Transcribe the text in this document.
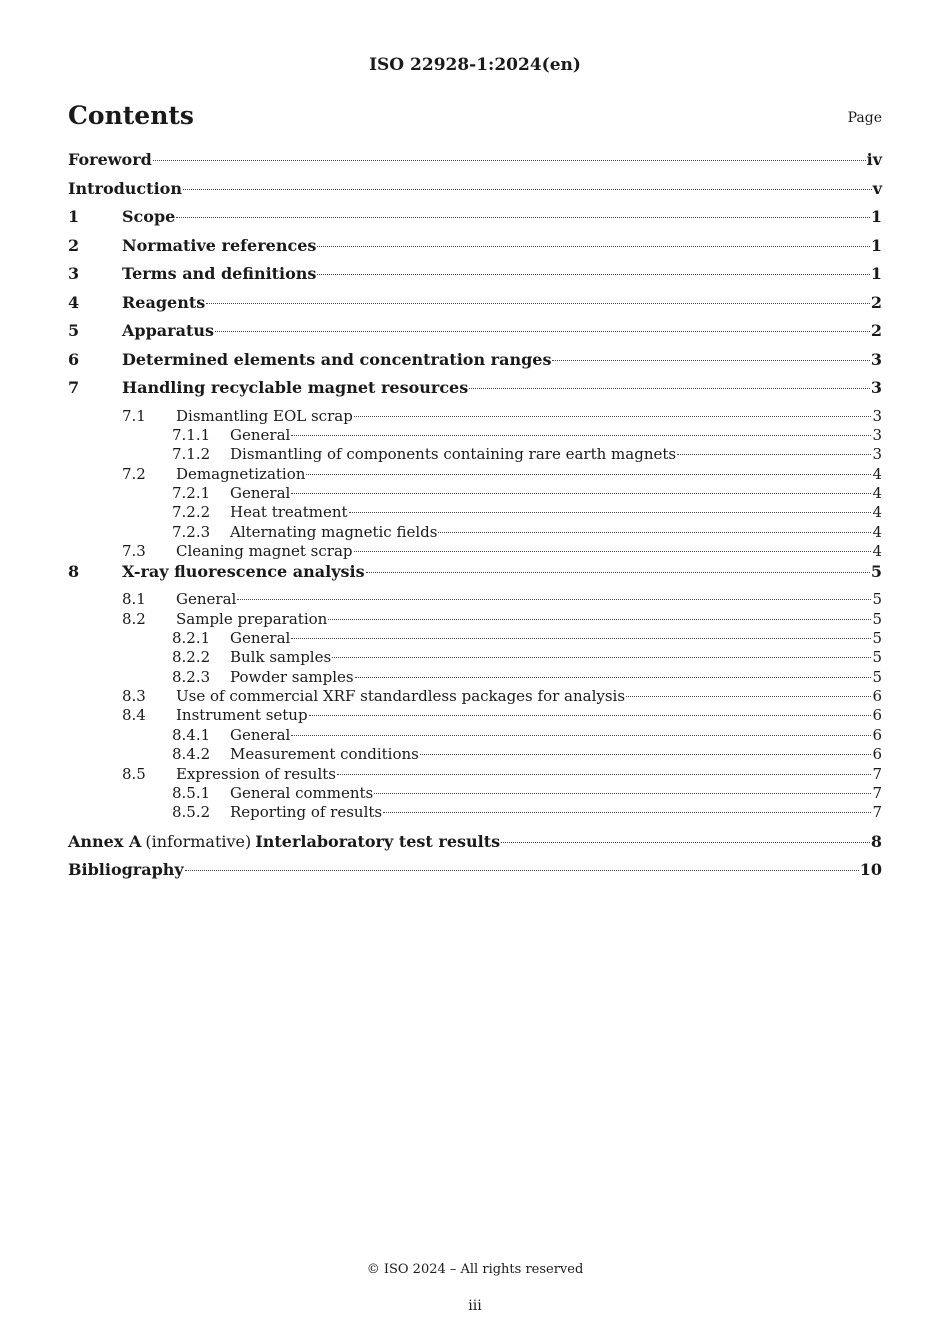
ISO 22928-1:2024(en)
Contents	Page
Foreword	iv
Introduction	v
1	Scope	1
2	Normative references	1
3	Terms and definitions	1
4	Reagents	2
5	Apparatus	2
6	Determined elements and concentration ranges	3
7	Handling recyclable magnet resources	3
7.1	Dismantling EOL scrap	3
7.1.1	General	3
7.1.2	Dismantling of components containing rare earth magnets	3
7.2	Demagnetization	4
7.2.1	General	4
7.2.2	Heat treatment	4
7.2.3	Alternating magnetic fields	4
7.3	Cleaning magnet scrap	4
8	X-ray fluorescence analysis	5
8.1	General	5
8.2	Sample preparation	5
8.2.1	General	5
8.2.2	Bulk samples	5
8.2.3	Powder samples	5
8.3	Use of commercial XRF standardless packages for analysis	6
8.4	Instrument setup	6
8.4.1	General	6
8.4.2	Measurement conditions	6
8.5	Expression of results	7
8.5.1	General comments	7
8.5.2	Reporting of results	7
Annex A (informative) Interlaboratory test results	8
Bibliography	10
© ISO 2024 – All rights reserved
iii
